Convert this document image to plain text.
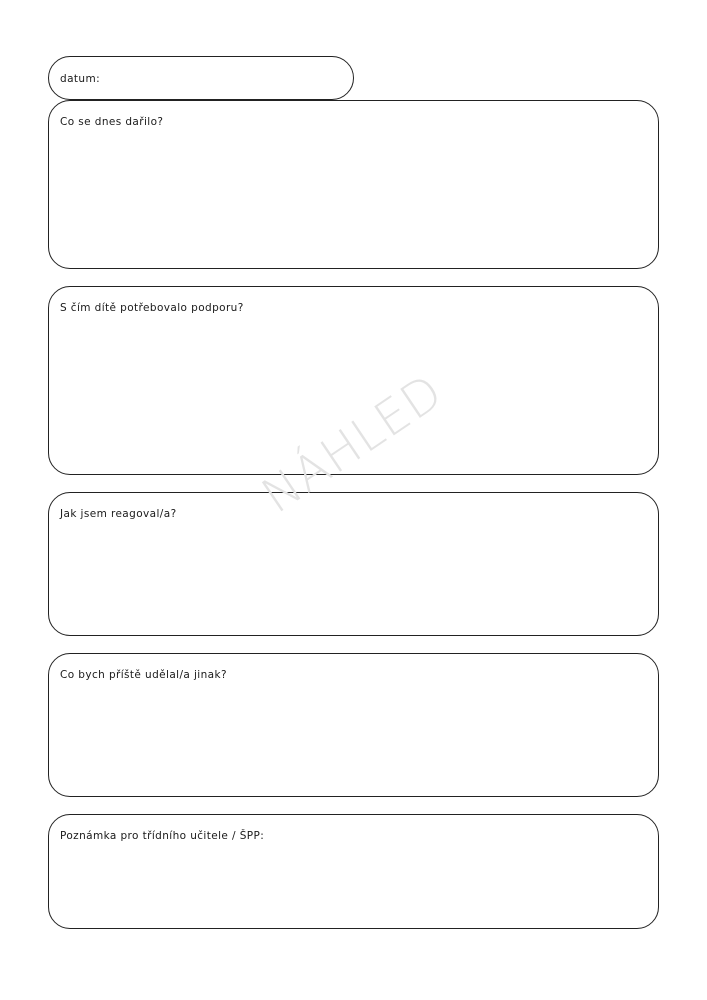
datum:
Co se dnes dařilo?
S čím dítě potřebovalo podporu?
Jak jsem reagoval/a?
Co bych příště udělal/a jinak?
Poznámka pro třídního učitele / ŠPP:
NÁHLED
